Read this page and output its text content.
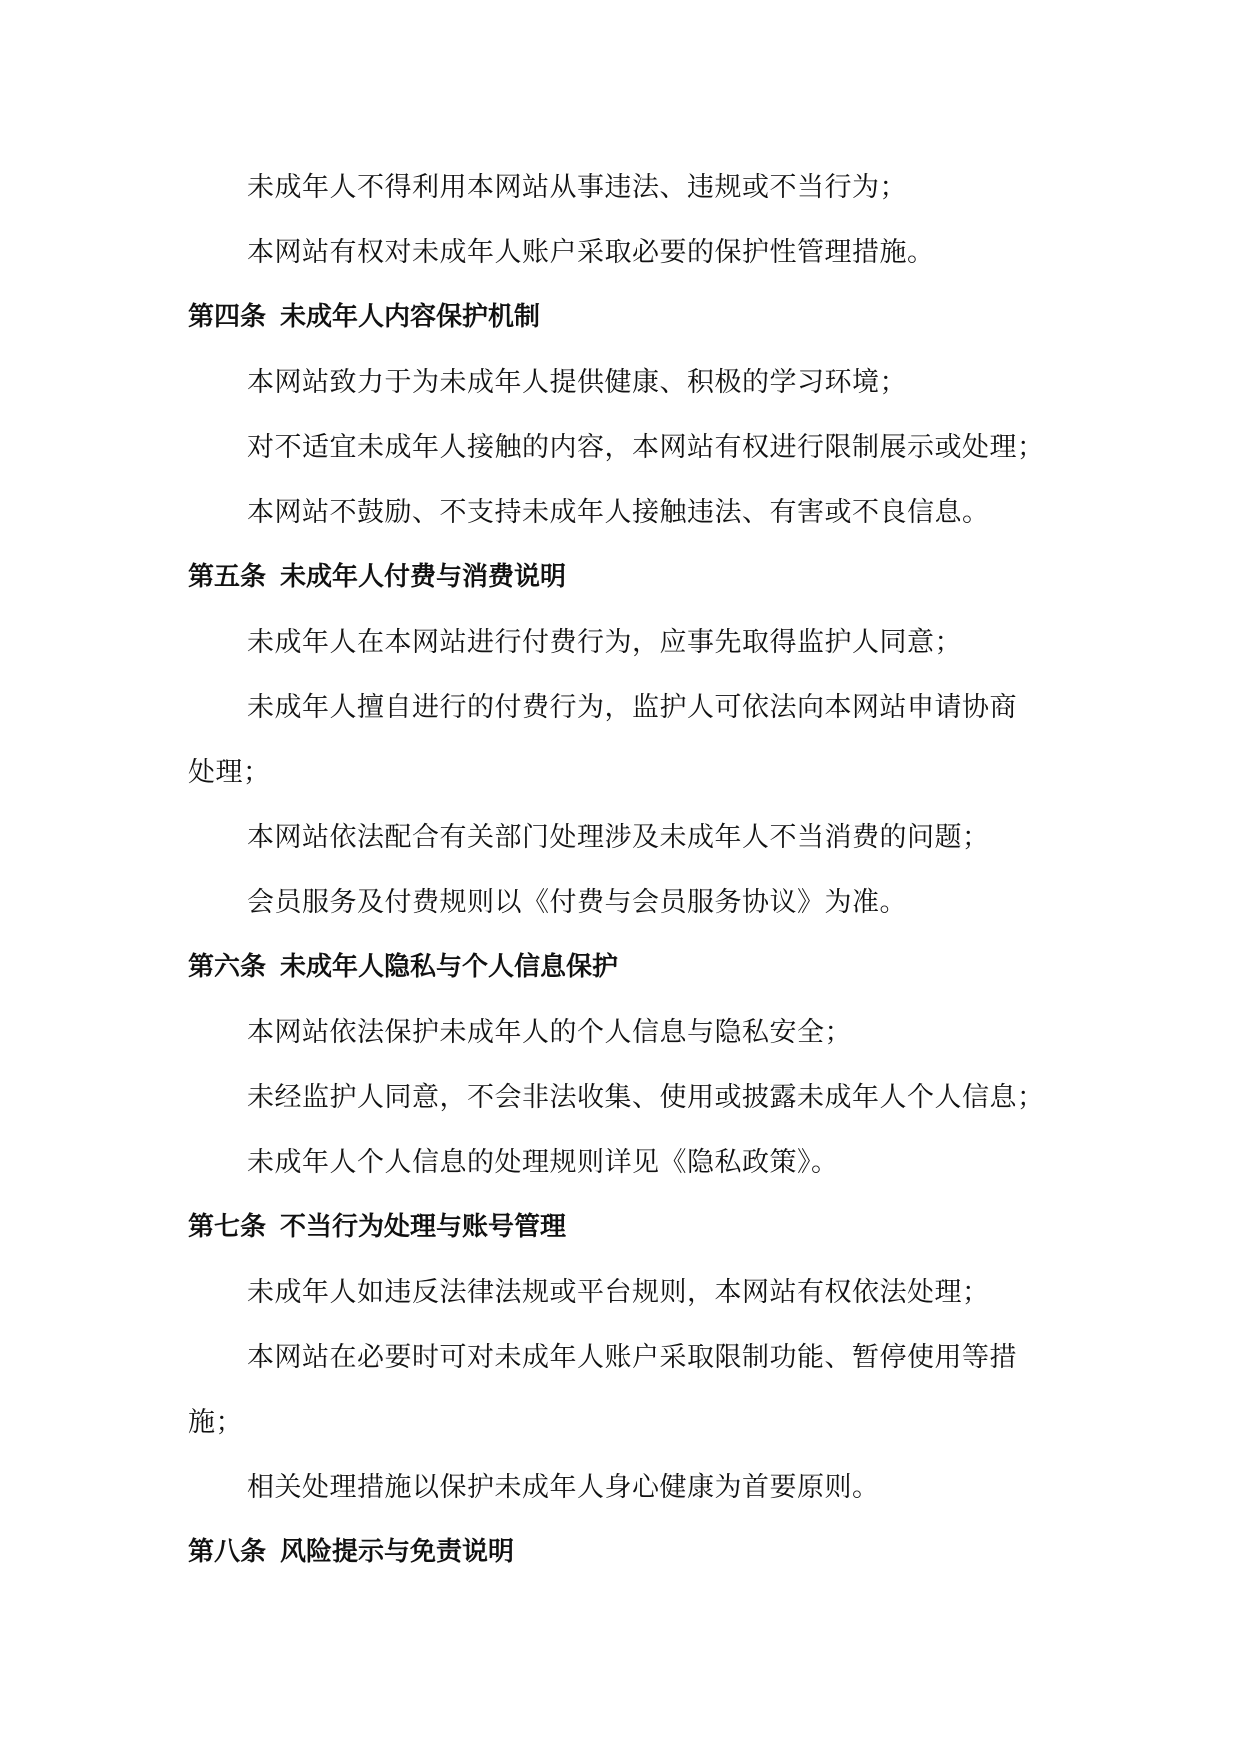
未成年人不得利用本网站从事违法、违规或不当行为；
本网站有权对未成年人账户采取必要的保护性管理措施。
第四条 未成年人内容保护机制
本网站致力于为未成年人提供健康、积极的学习环境；
对不适宜未成年人接触的内容，本网站有权进行限制展示或处理；
本网站不鼓励、不支持未成年人接触违法、有害或不良信息。
第五条 未成年人付费与消费说明
未成年人在本网站进行付费行为，应事先取得监护人同意；
未成年人擅自进行的付费行为，监护人可依法向本网站申请协商
处理；
本网站依法配合有关部门处理涉及未成年人不当消费的问题；
会员服务及付费规则以《付费与会员服务协议》为准。
第六条 未成年人隐私与个人信息保护
本网站依法保护未成年人的个人信息与隐私安全；
未经监护人同意，不会非法收集、使用或披露未成年人个人信息；
未成年人个人信息的处理规则详见《隐私政策》。
第七条 不当行为处理与账号管理
未成年人如违反法律法规或平台规则，本网站有权依法处理；
本网站在必要时可对未成年人账户采取限制功能、暂停使用等措
施；
相关处理措施以保护未成年人身心健康为首要原则。
第八条 风险提示与免责说明
